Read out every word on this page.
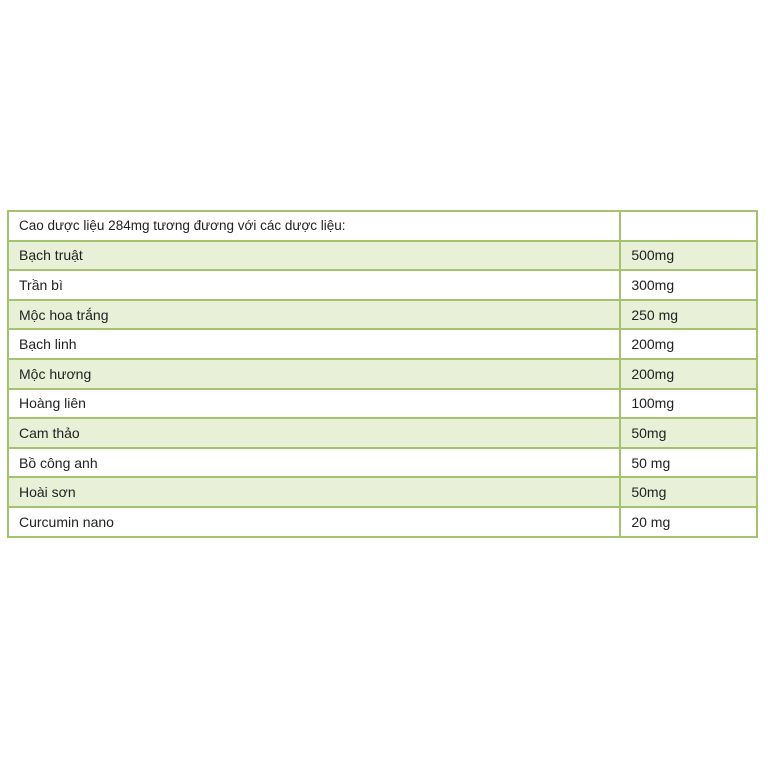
Cao dược liệu 284mg tương đương với các dược liệu:	
Bạch truật	500mg
Trần bì	300mg
Mộc hoa trắng	250 mg
Bạch linh	200mg
Mộc hương	200mg
Hoàng liên	100mg
Cam thảo	50mg
Bồ công anh	50 mg
Hoài sơn	50mg
Curcumin nano	20 mg
